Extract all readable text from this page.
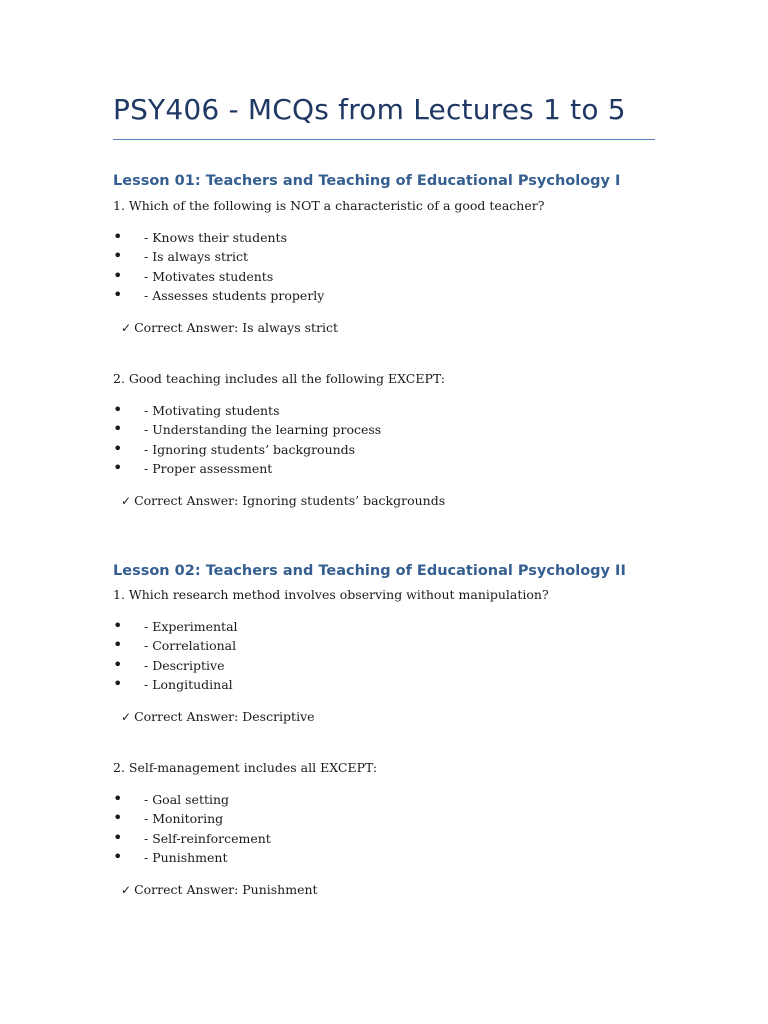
PSY406 - MCQs from Lectures 1 to 5
Lesson 01: Teachers and Teaching of Educational Psychology I
1. Which of the following is NOT a characteristic of a good teacher?
• - Knows their students
• - Is always strict
• - Motivates students
• - Assesses students properly
✓ Correct Answer: Is always strict
2. Good teaching includes all the following EXCEPT:
• - Motivating students
• - Understanding the learning process
• - Ignoring students’ backgrounds
• - Proper assessment
✓ Correct Answer: Ignoring students’ backgrounds
Lesson 02: Teachers and Teaching of Educational Psychology II
1. Which research method involves observing without manipulation?
• - Experimental
• - Correlational
• - Descriptive
• - Longitudinal
✓ Correct Answer: Descriptive
2. Self-management includes all EXCEPT:
• - Goal setting
• - Monitoring
• - Self-reinforcement
• - Punishment
✓ Correct Answer: Punishment
